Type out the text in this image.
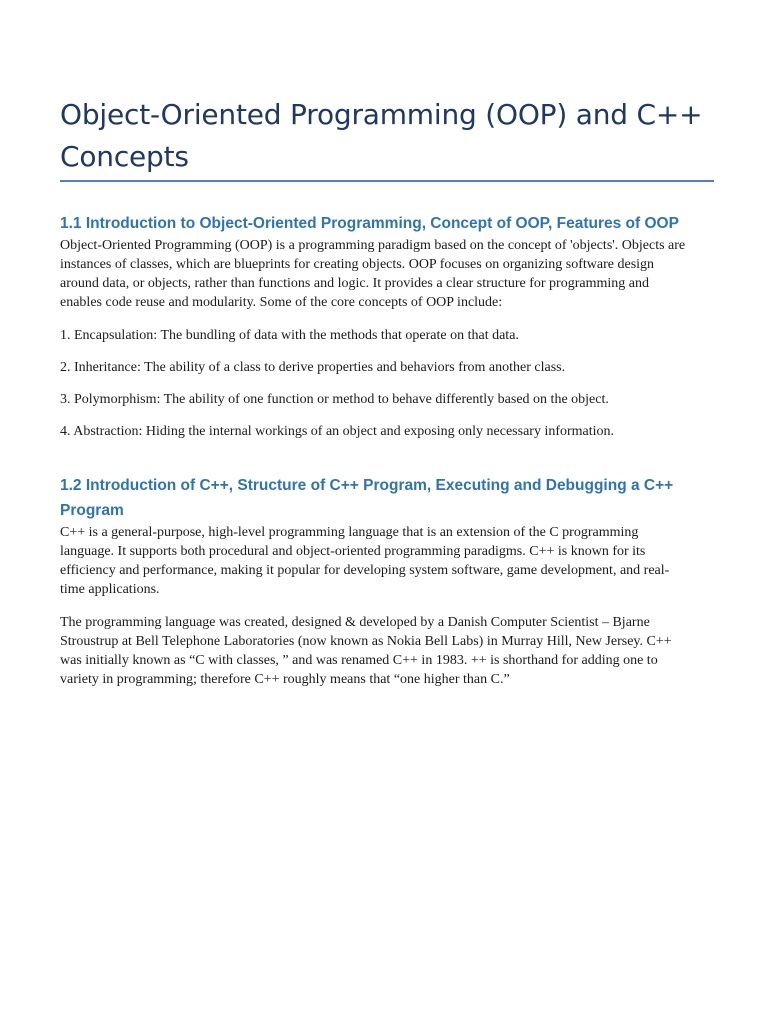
Object-Oriented Programming (OOP) and C++
Concepts
1.1 Introduction to Object-Oriented Programming, Concept of OOP, Features of OOP

Object-Oriented Programming (OOP) is a programming paradigm based on the concept of 'objects'. Objects are
instances of classes, which are blueprints for creating objects. OOP focuses on organizing software design
around data, or objects, rather than functions and logic. It provides a clear structure for programming and
enables code reuse and modularity. Some of the core concepts of OOP include:

1. Encapsulation: The bundling of data with the methods that operate on that data.

2. Inheritance: The ability of a class to derive properties and behaviors from another class.

3. Polymorphism: The ability of one function or method to behave differently based on the object.

4. Abstraction: Hiding the internal workings of an object and exposing only necessary information.

1.2 Introduction of C++, Structure of C++ Program, Executing and Debugging a C++
Program

C++ is a general-purpose, high-level programming language that is an extension of the C programming
language. It supports both procedural and object-oriented programming paradigms. C++ is known for its
efficiency and performance, making it popular for developing system software, game development, and real-
time applications.

The programming language was created, designed & developed by a Danish Computer Scientist – Bjarne
Stroustrup at Bell Telephone Laboratories (now known as Nokia Bell Labs) in Murray Hill, New Jersey. C++
was initially known as “C with classes, ” and was renamed C++ in 1983. ++ is shorthand for adding one to
variety in programming; therefore C++ roughly means that “one higher than C.”
